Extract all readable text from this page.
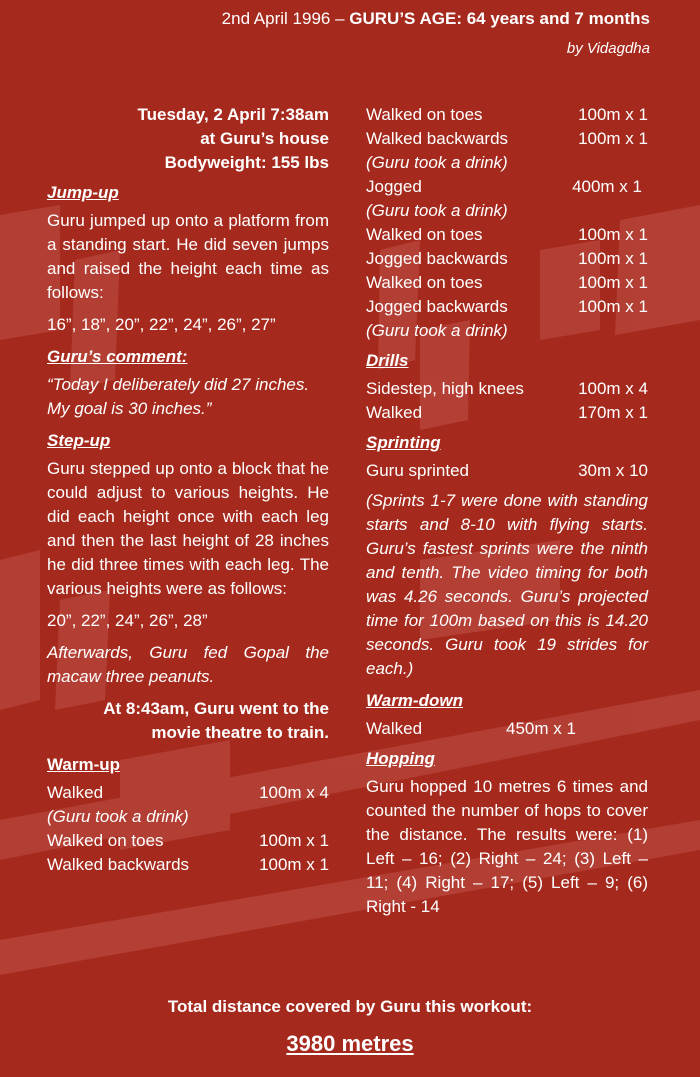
2nd April 1996 – GURU’S AGE: 64 years and 7 months
by Vidagdha
Tuesday, 2 April 7:38am
at Guru’s house
Bodyweight: 155 lbs
Jump-up

Guru jumped up onto a platform from a standing start. He did seven jumps and raised the height each time as follows:

16”, 18”, 20”, 22”, 24”, 26”, 27”

Guru’s comment:

“Today I deliberately did 27 inches. My goal is 30 inches.”

Step-up

Guru stepped up onto a block that he could adjust to various heights. He did each height once with each leg and then the last height of 28 inches he did three times with each leg. The various heights were as follows:

20”, 22”, 24”, 26”, 28”

Afterwards, Guru fed Gopal the macaw three peanuts.

At 8:43am, Guru went to the
movie theatre to train.
Warm-up
Walked	100m x 4
(Guru took a drink)
Walked on toes	100m x 1
Walked backwards	100m x 1
Walked on toes	100m x 1
Walked backwards	100m x 1
(Guru took a drink)
Jogged	400m x 1
(Guru took a drink)
Walked on toes	100m x 1
Jogged backwards	100m x 1
Walked on toes	100m x 1
Jogged backwards	100m x 1
(Guru took a drink)
Drills
Sidestep, high knees	100m x 4
Walked	170m x 1
Sprinting
Guru sprinted	30m x 10

(Sprints 1-7 were done with standing starts and 8-10 with flying starts. Guru’s fastest sprints were the ninth and tenth. The video timing for both was 4.26 seconds. Guru’s projected time for 100m based on this is 14.20 seconds. Guru took 19 strides for each.)

Warm-down
Walked	450m x 1
Hopping

Guru hopped 10 metres 6 times and counted the number of hops to cover the distance. The results were: (1) Left – 16; (2) Right – 24; (3) Left – 11; (4) Right – 17; (5) Left – 9; (6) Right - 14

Total distance covered by Guru this workout:
3980 metres
